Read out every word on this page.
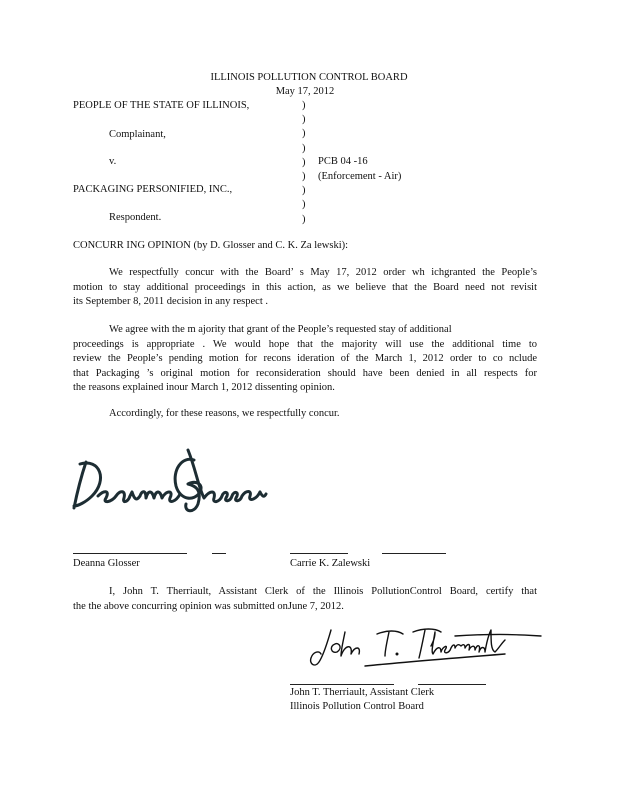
ILLINOIS POLLUTION CONTROL BOARD
May 17, 2012
PEOPLE OF THE STATE OF ILLINOIS,
Complainant,
v.
PACKAGING PERSONIFIED, INC.,
Respondent.
)
)
)
)
)
)
)
)
)
PCB 04 -16
(Enforcement - Air)
CONCURR ING OPINION (by D. Glosser and C. K. Za lewski):
We respectfully concur with the Board’ s May 17, 2012 order wh ichgranted the People’s
motion to stay additional proceedings in this action, as we believe that the Board need not revisit
its September 8, 2011 decision in any respect .
We agree with the m ajority that grant of the People’s requested stay of additional
proceedings is appropriate . We would hope that the majority will use the additional time to
review the People’s pending motion for recons ideration of the March 1, 2012 order to co nclude
that Packaging ’s original motion for reconsideration should have been denied in all respects for
the reasons explained inour March 1, 2012 dissenting opinion.
Accordingly, for these reasons, we respectfully concur.
Deanna Glosser	Carrie K. Zalewski
I, John T. Therriault, Assistant Clerk of the Illinois PollutionControl Board, certify that
the the above concurring opinion was submitted onJune 7, 2012.
John T. Therriault, Assistant Clerk
Illinois Pollution Control Board
